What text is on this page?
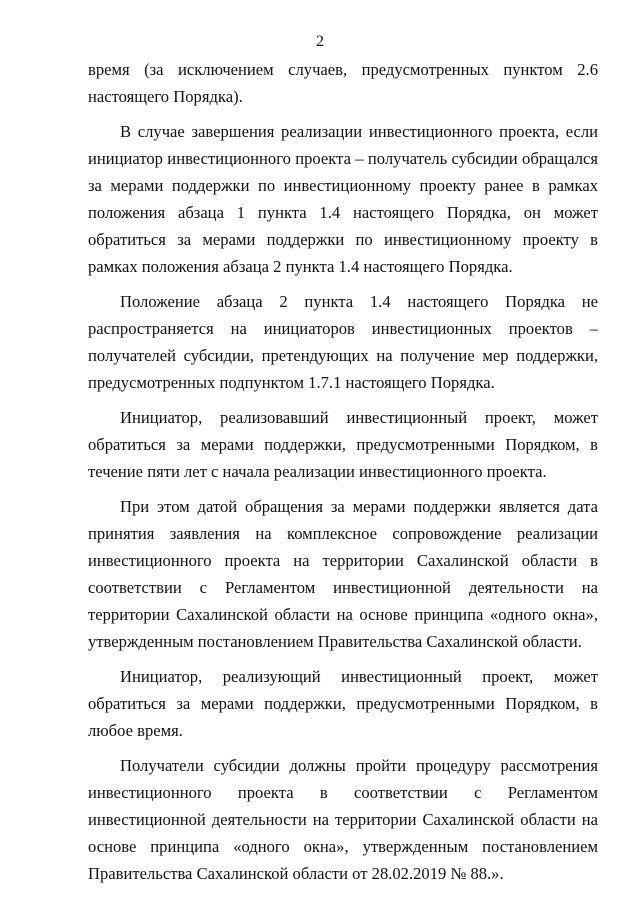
2

время (за исключением случаев, предусмотренных пунктом 2.6 настоящего Порядка).

В случае завершения реализации инвестиционного проекта, если инициатор инвестиционного проекта – получатель субсидии обращался за мерами поддержки по инвестиционному проекту ранее в рамках положения абзаца 1 пункта 1.4 настоящего Порядка, он может обратиться за мерами поддержки по инвестиционному проекту в рамках положения абзаца 2 пункта 1.4 настоящего Порядка.

Положение абзаца 2 пункта 1.4 настоящего Порядка не распространяется на инициаторов инвестиционных проектов – получателей субсидии, претендующих на получение мер поддержки, предусмотренных подпунктом 1.7.1 настоящего Порядка.

Инициатор, реализовавший инвестиционный проект, может обратиться за мерами поддержки, предусмотренными Порядком, в течение пяти лет с начала реализации инвестиционного проекта.

При этом датой обращения за мерами поддержки является дата принятия заявления на комплексное сопровождение реализации инвестиционного проекта на территории Сахалинской области в соответствии с Регламентом инвестиционной деятельности на территории Сахалинской области на основе принципа «одного окна», утвержденным постановлением Правительства Сахалинской области.

Инициатор, реализующий инвестиционный проект, может обратиться за мерами поддержки, предусмотренными Порядком, в любое время.

Получатели субсидии должны пройти процедуру рассмотрения инвестиционного проекта в соответствии с Регламентом инвестиционной деятельности на территории Сахалинской области на основе принципа «одного окна», утвержденным постановлением Правительства Сахалинской области от 28.02.2019 № 88.».
